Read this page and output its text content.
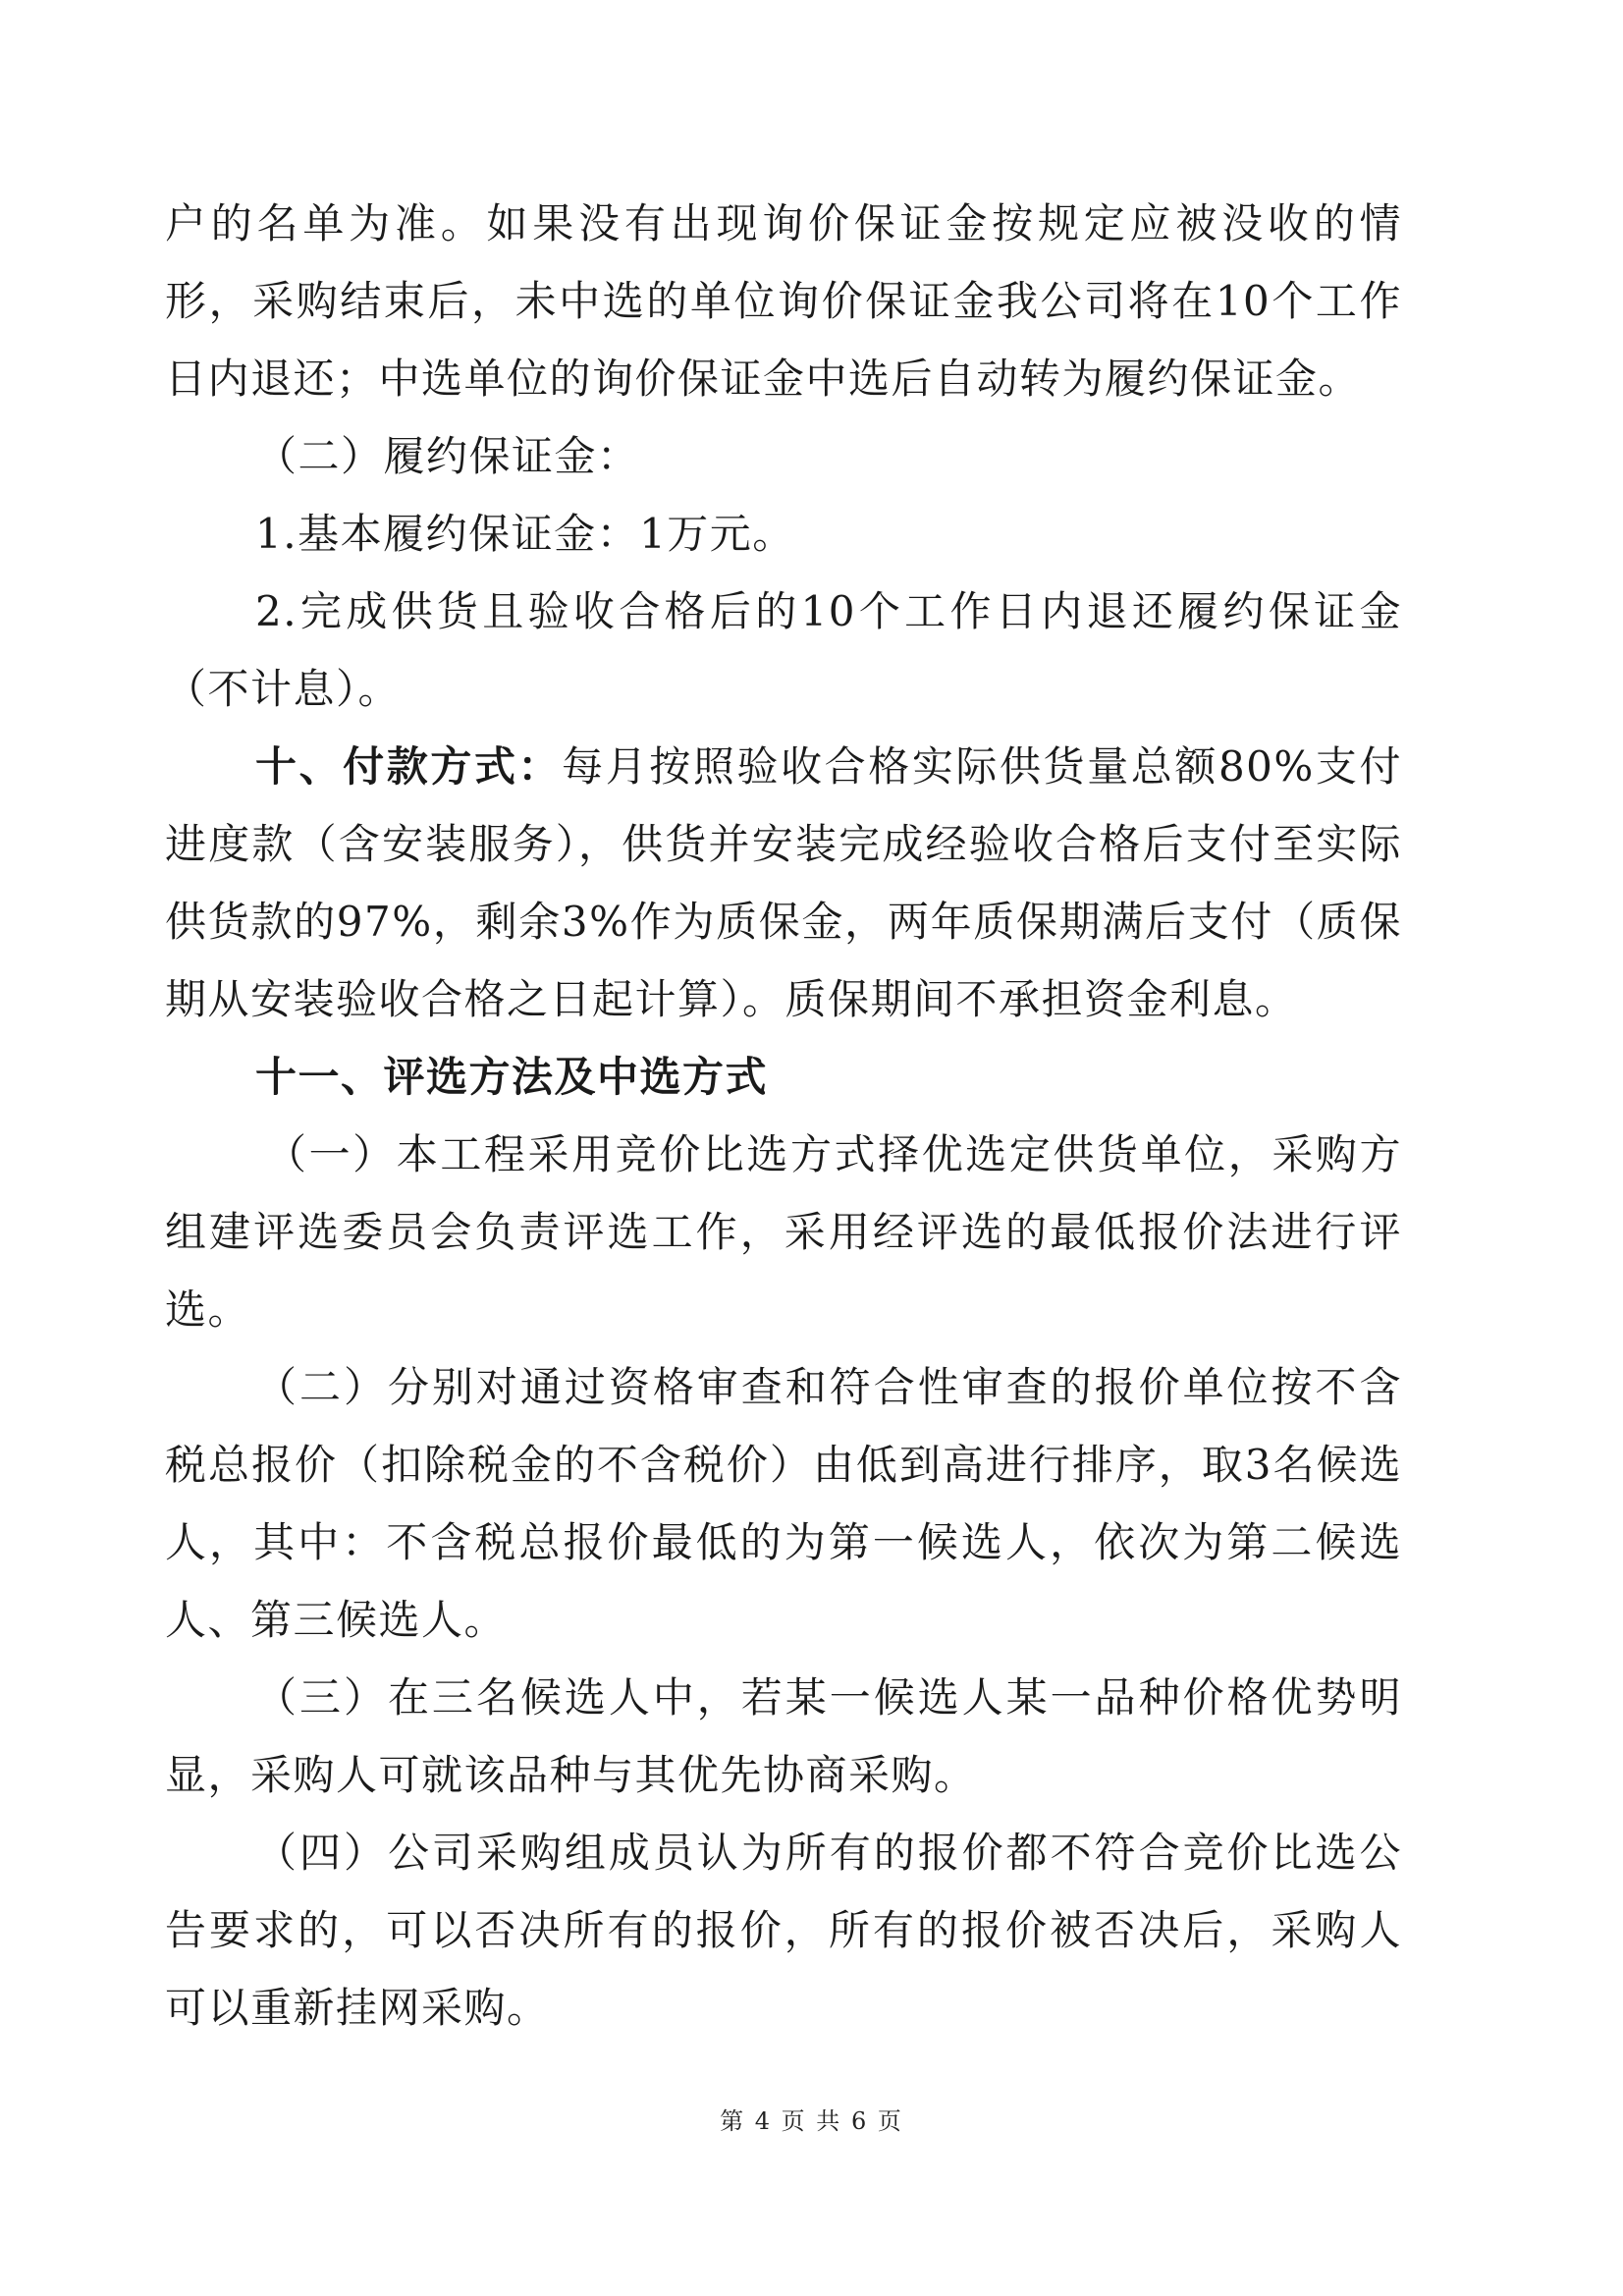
户的名单为准。如果没有出现询价保证金按规定应被没收的情形，采购结束后，未中选的单位询价保证金我公司将在10个工作日内退还；中选单位的询价保证金中选后自动转为履约保证金。

（二）履约保证金：

1.基本履约保证金：1万元。

2.完成供货且验收合格后的10个工作日内退还履约保证金（不计息）。

十、付款方式：每月按照验收合格实际供货量总额80%支付进度款（含安装服务），供货并安装完成经验收合格后支付至实际供货款的97%，剩余3%作为质保金，两年质保期满后支付（质保期从安装验收合格之日起计算）。质保期间不承担资金利息。

十一、评选方法及中选方式

（一）本工程采用竞价比选方式择优选定供货单位，采购方组建评选委员会负责评选工作，采用经评选的最低报价法进行评选。

（二）分别对通过资格审查和符合性审查的报价单位按不含税总报价（扣除税金的不含税价）由低到高进行排序，取3名候选人，其中：不含税总报价最低的为第一候选人，依次为第二候选人、第三候选人。

（三）在三名候选人中，若某一候选人某一品种价格优势明显，采购人可就该品种与其优先协商采购。

（四）公司采购组成员认为所有的报价都不符合竞价比选公告要求的，可以否决所有的报价，所有的报价被否决后，采购人可以重新挂网采购。

第 4 页 共 6 页
